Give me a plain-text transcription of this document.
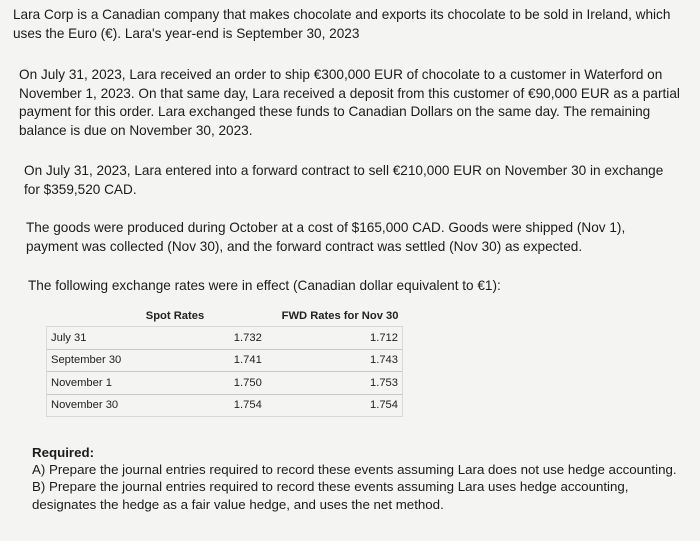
Lara Corp is a Canadian company that makes chocolate and exports its chocolate to be sold in Ireland, which uses the Euro (€). Lara's year-end is September 30, 2023

On July 31, 2023, Lara received an order to ship €300,000 EUR of chocolate to a customer in Waterford on November 1, 2023. On that same day, Lara received a deposit from this customer of €90,000 EUR as a partial payment for this order. Lara exchanged these funds to Canadian Dollars on the same day. The remaining balance is due on November 30, 2023.

On July 31, 2023, Lara entered into a forward contract to sell €210,000 EUR on November 30 in exchange for $359,520 CAD.

The goods were produced during October at a cost of $165,000 CAD. Goods were shipped (Nov 1), payment was collected (Nov 30), and the forward contract was settled (Nov 30) as expected.

The following exchange rates were in effect (Canadian dollar equivalent to €1):

	Spot Rates	FWD Rates for Nov 30
July 31	1.732	1.712
September 30	1.741	1.743
November 1	1.750	1.753
November 30	1.754	1.754
Required:
A) Prepare the journal entries required to record these events assuming Lara does not use hedge accounting.
B) Prepare the journal entries required to record these events assuming Lara uses hedge accounting, designates the hedge as a fair value hedge, and uses the net method.
